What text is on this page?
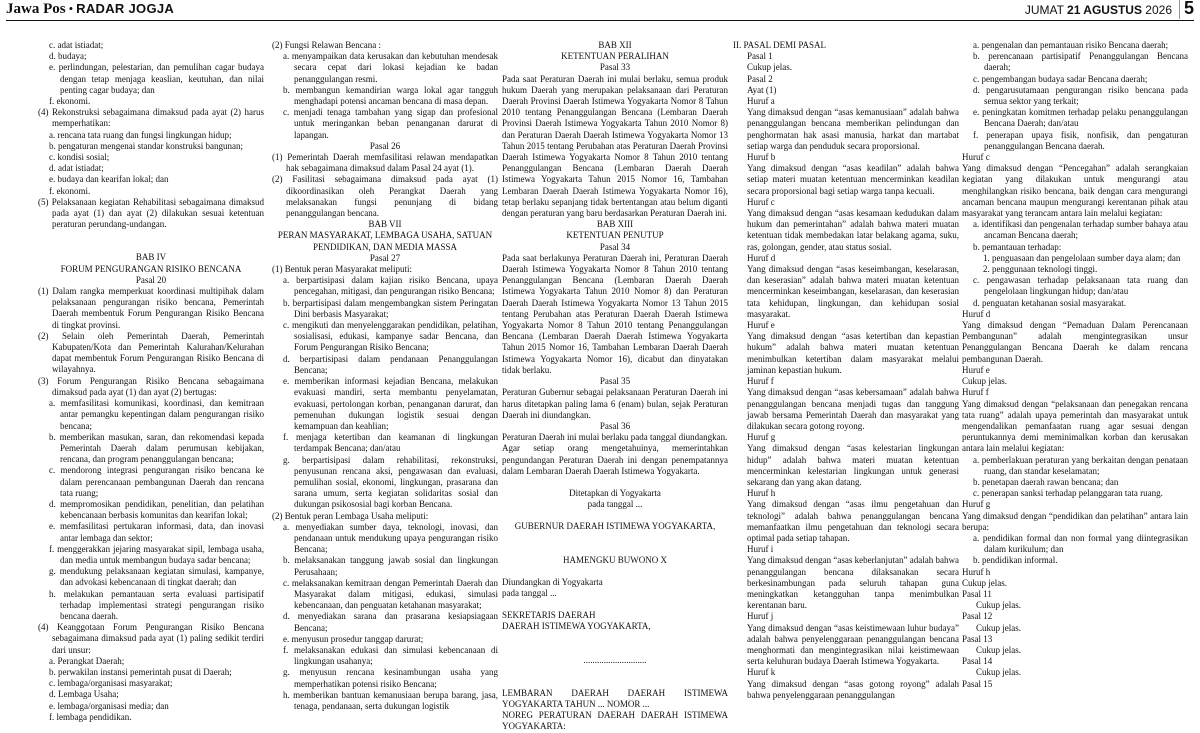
Jawa Pos • RADAR JOGJA	JUMAT 21 AGUSTUS 2026 5
c. adat istiadat;
d. budaya;
e. perlindungan, pelestarian, dan pemulihan cagar budaya dengan tetap menjaga keaslian, keutuhan, dan nilai penting cagar budaya; dan
f. ekonomi.
(4) Rekonstruksi sebagaimana dimaksud pada ayat (2) harus memperhatikan:
a. rencana tata ruang dan fungsi lingkungan hidup;
b. pengaturan mengenai standar konstruksi bangunan;
c. kondisi sosial;
d. adat istiadat;
e. budaya dan kearifan lokal; dan
f. ekonomi.
(5) Pelaksanaan kegiatan Rehabilitasi sebagaimana dimaksud pada ayat (1) dan ayat (2) dilakukan sesuai ketentuan peraturan perundang-undangan.
BAB IV
FORUM PENGURANGAN RISIKO BENCANA
Pasal 20
(1) Dalam rangka memperkuat koordinasi multipihak dalam pelaksanaan pengurangan risiko bencana, Pemerintah Daerah membentuk Forum Pengurangan Risiko Bencana di tingkat provinsi.
(2) Selain oleh Pemerintah Daerah, Pemerintah Kabupaten/Kota dan Pemerintah Kalurahan/Kelurahan dapat membentuk Forum Pengurangan Risiko Bencana di wilayahnya.
(3) Forum Pengurangan Risiko Bencana sebagaimana dimaksud pada ayat (1) dan ayat (2) bertugas:
a. memfasilitasi komunikasi, koordinasi, dan kemitraan antar pemangku kepentingan dalam pengurangan risiko bencana;
b. memberikan masukan, saran, dan rekomendasi kepada Pemerintah Daerah dalam perumusan kebijakan, rencana, dan program penanggulangan bencana;
c. mendorong integrasi pengurangan risiko bencana ke dalam perencanaan pembangunan Daerah dan rencana tata ruang;
d. mempromosikan pendidikan, penelitian, dan pelatihan kebencanaan berbasis komunitas dan kearifan lokal;
e. memfasilitasi pertukaran informasi, data, dan inovasi antar lembaga dan sektor;
f. menggerakkan jejaring masyarakat sipil, lembaga usaha, dan media untuk membangun budaya sadar bencana;
g. mendukung pelaksanaan kegiatan simulasi, kampanye, dan advokasi kebencanaan di tingkat daerah; dan
h. melakukan pemantauan serta evaluasi partisipatif terhadap implementasi strategi pengurangan risiko bencana daerah.
(4) Keanggotaan Forum Pengurangan Risiko Bencana sebagaimana dimaksud pada ayat (1) paling sedikit terdiri dari unsur:
a. Perangkat Daerah;
b. perwakilan instansi pemerintah pusat di Daerah;
c. lembaga/organisasi masyarakat;
d. Lembaga Usaha;
e. lembaga/organisasi media; dan
f. lembaga pendidikan.
(2) Fungsi Relawan Bencana :
a. menyampaikan data kerusakan dan kebutuhan mendesak secara cepat dari lokasi kejadian ke badan penanggulangan resmi.
b. membangun kemandirian warga lokal agar tangguh menghadapi potensi ancaman bencana di masa depan.
c. menjadi tenaga tambahan yang sigap dan profesional untuk meringankan beban penanganan darurat di lapangan.
Pasal 26
(1) Pemerintah Daerah memfasilitasi relawan mendapatkan hak sebagaimana dimaksud dalam Pasal 24 ayat (1).
(2) Fasilitasi sebagaimana dimaksud pada ayat (1) dikoordinasikan oleh Perangkat Daerah yang melaksanakan fungsi penunjang di bidang penanggulangan bencana.
BAB VII
PERAN MASYARAKAT, LEMBAGA USAHA, SATUAN PENDIDIKAN, DAN MEDIA MASSA
Pasal 27
(1) Bentuk peran Masyarakat meliputi:
a. berpartisipasi dalam kajian risiko Bencana, upaya pencegahan, mitigasi, dan pengurangan risiko Bencana;
b. berpartisipasi dalam mengembangkan sistem Peringatan Dini berbasis Masyarakat;
c. mengikuti dan menyelenggarakan pendidikan, pelatihan, sosialisasi, edukasi, kampanye sadar Bencana, dan Forum Pengurangan Risiko Bencana;
d. berpartisipasi dalam pendanaan Penanggulangan Bencana;
e. memberikan informasi kejadian Bencana, melakukan evakuasi mandiri, serta membantu penyelamatan, evakuasi, pertolongan korban, penanganan darurat, dan pemenuhan dukungan logistik sesuai dengan kemampuan dan keahlian;
f. menjaga ketertiban dan keamanan di lingkungan terdampak Bencana; dan/atau
g. berpartisipasi dalam rehabilitasi, rekonstruksi, penyusunan rencana aksi, pengawasan dan evaluasi, pemulihan sosial, ekonomi, lingkungan, prasarana dan sarana umum, serta kegiatan solidaritas sosial dan dukungan psikososial bagi korban Bencana.
(2) Bentuk peran Lembaga Usaha meliputi:
a. menyediakan sumber daya, teknologi, inovasi, dan pendanaan untuk mendukung upaya pengurangan risiko Bencana;
b. melaksanakan tanggung jawab sosial dan lingkungan Perusahaan;
c. melaksanakan kemitraan dengan Pemerintah Daerah dan Masyarakat dalam mitigasi, edukasi, simulasi kebencanaan, dan penguatan ketahanan masyarakat;
d. menyediakan sarana dan prasarana kesiapsiagaan Bencana;
e. menyusun prosedur tanggap darurat;
f. melaksanakan edukasi dan simulasi kebencanaan di lingkungan usahanya;
g. menyusun rencana kesinambungan usaha yang memperhatikan potensi risiko Bencana;
h. memberikan bantuan kemanusiaan berupa barang, jasa, tenaga, pendanaan, serta dukungan logistik
BAB XII
KETENTUAN PERALIHAN
Pasal 33
Pada saat Peraturan Daerah ini mulai berlaku, semua produk hukum Daerah yang merupakan pelaksanaan dari Peraturan Daerah Provinsi Daerah Istimewa Yogyakarta Nomor 8 Tahun 2010 tentang Penanggulangan Bencana (Lembaran Daerah Provinsi Daerah Istimewa Yogyakarta Tahun 2010 Nomor 8) dan Peraturan Daerah Daerah Istimewa Yogyakarta Nomor 13 Tahun 2015 tentang Perubahan atas Peraturan Daerah Provinsi Daerah Istimewa Yogyakarta Nomor 8 Tahun 2010 tentang Penanggulangan Bencana (Lembaran Daerah Daerah Istimewa Yogyakarta Tahun 2015 Nomor 16, Tambahan Lembaran Daerah Daerah Istimewa Yogyakarta Nomor 16), tetap berlaku sepanjang tidak bertentangan atau belum diganti dengan peraturan yang baru berdasarkan Peraturan Daerah ini.
BAB XIII
KETENTUAN PENUTUP
Pasal 34
Pada saat berlakunya Peraturan Daerah ini, Peraturan Daerah Daerah Istimewa Yogyakarta Nomor 8 Tahun 2010 tentang Penanggulangan Bencana (Lembaran Daerah Daerah Istimewa Yogyakarta Tahun 2010 Nomor 8) dan Peraturan Daerah Daerah Istimewa Yogyakarta Nomor 13 Tahun 2015 tentang Perubahan atas Peraturan Daerah Daerah Istimewa Yogyakarta Nomor 8 Tahun 2010 tentang Penanggulangan Bencana (Lembaran Daerah Daerah Istimewa Yogyakarta Tahun 2015 Nomor 16, Tambahan Lembaran Daerah Daerah Istimewa Yogyakarta Nomor 16), dicabut dan dinyatakan tidak berlaku.
Pasal 35
Peraturan Gubernur sebagai pelaksanaan Peraturan Daerah ini harus ditetapkan paling lama 6 (enam) bulan, sejak Peraturan Daerah ini diundangkan.
Pasal 36
Peraturan Daerah ini mulai berlaku pada tanggal diundangkan.
Agar setiap orang mengetahuinya, memerintahkan pengundangan Peraturan Daerah ini dengan penempatannya dalam Lembaran Daerah Daerah Istimewa Yogyakarta.
Ditetapkan di Yogyakarta
pada tanggal ...
GUBERNUR DAERAH ISTIMEWA YOGYAKARTA,
HAMENGKU BUWONO X
Diundangkan di Yogyakarta
pada tanggal ...
SEKRETARIS DAERAH
DAERAH ISTIMEWA YOGYAKARTA,
............................
LEMBARAN DAERAH DAERAH ISTIMEWA YOGYAKARTA TAHUN ... NOMOR ...
NOREG PERATURAN DAERAH DAERAH ISTIMEWA YOGYAKARTA:
II. PASAL DEMI PASAL
Pasal 1
Cukup jelas.
Pasal 2
Ayat (1)
Huruf a
Yang dimaksud dengan “asas kemanusiaan” adalah bahwa penanggulangan bencana memberikan pelindungan dan penghormatan hak asasi manusia, harkat dan martabat setiap warga dan penduduk secara proporsional.
Huruf b
Yang dimaksud dengan “asas keadilan” adalah bahwa setiap materi muatan ketentuan mencerminkan keadilan secara proporsional bagi setiap warga tanpa kecuali.
Huruf c
Yang dimaksud dengan “asas kesamaan kedudukan dalam hukum dan pemerintahan” adalah bahwa materi muatan ketentuan tidak membedakan latar belakang agama, suku, ras, golongan, gender, atau status sosial.
Huruf d
Yang dimaksud dengan “asas keseimbangan, keselarasan, dan keserasian” adalah bahwa materi muatan ketentuan mencerminkan keseimbangan, keselarasan, dan keserasian tata kehidupan, lingkungan, dan kehidupan sosial masyarakat.
Huruf e
Yang dimaksud dengan “asas ketertiban dan kepastian hukum” adalah bahwa materi muatan ketentuan menimbulkan ketertiban dalam masyarakat melalui jaminan kepastian hukum.
Huruf f
Yang dimaksud dengan “asas kebersamaan” adalah bahwa penanggulangan bencana menjadi tugas dan tanggung jawab bersama Pemerintah Daerah dan masyarakat yang dilakukan secara gotong royong.
Huruf g
Yang dimaksud dengan “asas kelestarian lingkungan hidup” adalah bahwa materi muatan ketentuan mencerminkan kelestarian lingkungan untuk generasi sekarang dan yang akan datang.
Huruf h
Yang dimaksud dengan “asas ilmu pengetahuan dan teknologi” adalah bahwa penanggulangan bencana memanfaatkan ilmu pengetahuan dan teknologi secara optimal pada setiap tahapan.
Huruf i
Yang dimaksud dengan “asas keberlanjutan” adalah bahwa penanggulangan bencana dilaksanakan secara berkesinambungan pada seluruh tahapan guna meningkatkan ketangguhan tanpa menimbulkan kerentanan baru.
Huruf j
Yang dimaksud dengan “asas keistimewaan luhur budaya” adalah bahwa penyelenggaraan penanggulangan bencana menghormati dan mengintegrasikan nilai keistimewaan serta keluhuran budaya Daerah Istimewa Yogyakarta.
Huruf k
Yang dimaksud dengan “asas gotong royong” adalah bahwa penyelenggaraan penanggulangan
a. pengenalan dan pemantauan risiko Bencana daerah;
b. perencanaan partisipatif Penanggulangan Bencana daerah;
c. pengembangan budaya sadar Bencana daerah;
d. pengarusutamaan pengurangan risiko bencana pada semua sektor yang terkait;
e. peningkatan komitmen terhadap pelaku penanggulangan Bencana Daerah; dan/atau
f. penerapan upaya fisik, nonfisik, dan pengaturan penanggulangan Bencana daerah.
Huruf c
Yang dimaksud dengan “Pencegahan” adalah serangkaian kegiatan yang dilakukan untuk mengurangi atau menghilangkan risiko bencana, baik dengan cara mengurangi ancaman bencana maupun mengurangi kerentanan pihak atau masyarakat yang terancam antara lain melalui kegiatan:
a. identifikasi dan pengenalan terhadap sumber bahaya atau ancaman Bencana daerah;
b. pemantauan terhadap:
1. penguasaan dan pengelolaan sumber daya alam; dan
2. penggunaan teknologi tinggi.
c. pengawasan terhadap pelaksanaan tata ruang dan pengelolaan lingkungan hidup; dan/atau
d. penguatan ketahanan sosial masyarakat.
Huruf d
Yang dimaksud dengan “Pemaduan Dalam Perencanaan Pembangunan” adalah mengintegrasikan unsur Penanggulangan Bencana Daerah ke dalam rencana pembangunan Daerah.
Huruf e
Cukup jelas.
Huruf f
Yang dimaksud dengan “pelaksanaan dan penegakan rencana tata ruang” adalah upaya pemerintah dan masyarakat untuk mengendalikan pemanfaatan ruang agar sesuai dengan peruntukannya demi meminimalkan korban dan kerusakan antara lain melalui kegiatan:
a. pemberlakuan peraturan yang berkaitan dengan penataan ruang, dan standar keselamatan;
b. penetapan daerah rawan bencana; dan
c. penerapan sanksi terhadap pelanggaran tata ruang.
Huruf g
Yang dimaksud dengan “pendidikan dan pelatihan” antara lain berupa:
a. pendidikan formal dan non formal yang diintegrasikan dalam kurikulum; dan
b. pendidikan informal.
Huruf h
Cukup jelas.
Pasal 11
Cukup jelas.
Pasal 12
Cukup jelas.
Pasal 13
Cukup jelas.
Pasal 14
Cukup jelas.
Pasal 15
